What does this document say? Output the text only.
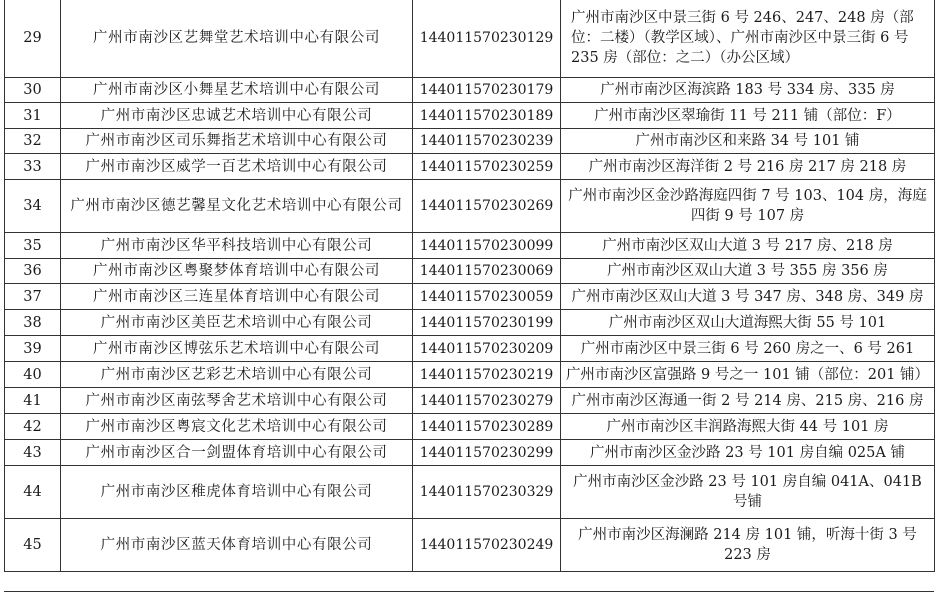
29	广州市南沙区艺舞堂艺术培训中心有限公司	144011570230129	广州市南沙区中景三街 6 号 246、247、248 房（部位：二楼）（教学区域）、广州市南沙区中景三街 6 号 235 房（部位：之二）（办公区域）
30	广州市南沙区小舞星艺术培训中心有限公司	144011570230179	广州市南沙区海滨路 183 号 334 房、335 房
31	广州市南沙区忠诚艺术培训中心有限公司	144011570230189	广州市南沙区翠瑜街 11 号 211 铺（部位：F）
32	广州市南沙区司乐舞指艺术培训中心有限公司	144011570230239	广州市南沙区和来路 34 号 101 铺
33	广州市南沙区威学一百艺术培训中心有限公司	144011570230259	广州市南沙区海洋街 2 号 216 房 217 房 218 房
34	广州市南沙区德艺馨星文化艺术培训中心有限公司	144011570230269	广州市南沙区金沙路海庭四街 7 号 103、104 房，海庭四街 9 号 107 房
35	广州市南沙区华平科技培训中心有限公司	144011570230099	广州市南沙区双山大道 3 号 217 房、218 房
36	广州市南沙区粤聚梦体育培训中心有限公司	144011570230069	广州市南沙区双山大道 3 号 355 房 356 房
37	广州市南沙区三连星体育培训中心有限公司	144011570230059	广州市南沙区双山大道 3 号 347 房、348 房、349 房
38	广州市南沙区美臣艺术培训中心有限公司	144011570230199	广州市南沙区双山大道海熙大街 55 号 101
39	广州市南沙区博弦乐艺术培训中心有限公司	144011570230209	广州市南沙区中景三街 6 号 260 房之一、6 号 261
40	广州市南沙区艺彩艺术培训中心有限公司	144011570230219	广州市南沙区富强路 9 号之一 101 铺（部位：201 铺）
41	广州市南沙区南弦琴舍艺术培训中心有限公司	144011570230279	广州市南沙区海通一街 2 号 214 房、215 房、216 房
42	广州市南沙区粤宸文化艺术培训中心有限公司	144011570230289	广州市南沙区丰润路海熙大街 44 号 101 房
43	广州市南沙区合一剑盟体育培训中心有限公司	144011570230299	广州市南沙区金沙路 23 号 101 房自编 025A 铺
44	广州市南沙区稚虎体育培训中心有限公司	144011570230329	广州市南沙区金沙路 23 号 101 房自编 041A、041B 号铺
45	广州市南沙区蓝天体育培训中心有限公司	144011570230249	广州市南沙区海澜路 214 房 101 铺，听海十街 3 号 223 房
